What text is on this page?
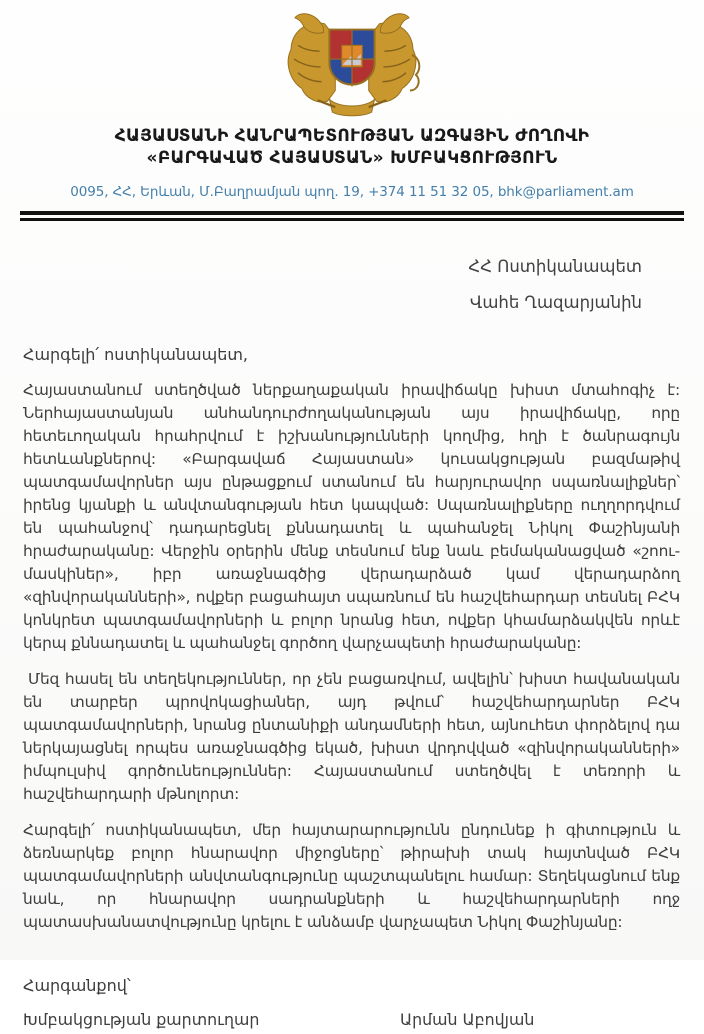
ՀԱՅԱՍՏԱՆԻ ՀԱՆՐԱՊԵՏՈՒԹՅԱՆ ԱԶԳԱՅԻՆ ԺՈՂՈՎԻ
«ԲԱՐԳԱՎԱԾ ՀԱՅԱՍՏԱՆ» ԽՄԲԱԿՑՈՒԹՅՈՒՆ
0095, ՀՀ, Երևան, Մ.Բաղրամյան պող. 19, +374 11 51 32 05, bhk@parliament.am
ՀՀ Ոստիկանապետ
Վահե Ղազարյանին
Հարգելի՛ ոստիկանապետ,

Հայաստանում ստեղծված ներքաղաքական իրավիճակը խիստ մտահոգիչ է: Ներհայաստանյան անհանդուրժողականության այս իրավիճակը, որը հետեւողական հրահրվում է իշխանությունների կողմից, հղի է ծանրագույն հետևանքներով: «Բարգավաճ Հայաստան» կուսակցության բազմաթիվ պատգամավորներ այս ընթացքում ստանում են հարյուրավոր սպառնալիքներ՝ իրենց կյանքի և անվտանգության հետ կապված: Սպառնալիքները ուղղորդվում են պահանջով՝ դադարեցնել քննադատել և պահանջել Նիկոլ Փաշինյանի հրաժարականը: Վերջին օրերին մենք տեսնում ենք նաև բեմականացված «շոու-մասկիներ», իբր առաջնագծից վերադարձած կամ վերադարձող «զինվորականների», ովքեր բացահայտ սպառնում են հաշվեհարդար տեսնել ԲՀԿ կոնկրետ պատգամավորների և բոլոր նրանց հետ, ովքեր կհամարձակվեն որևէ կերպ քննադատել և պահանջել գործող վարչապետի հրաժարականը:

Մեզ հասել են տեղեկություններ, որ չեն բացառվում, ավելին՝ խիստ հավանական են տարբեր պրովոկացիաներ, այդ թվում՝ հաշվեհարդարներ ԲՀԿ պատգամավորների, նրանց ընտանիքի անդամների հետ, այնուհետ փորձելով դա ներկայացնել որպես առաջնագծից եկած, խիստ վրդովված «զինվորականների» իմպուլսիվ գործունեություններ: Հայաստանում ստեղծվել է տեռորի և հաշվեհարդարի մթնոլորտ:

Հարգելի՛ ոստիկանապետ, մեր հայտարարությունն ընդունեք ի գիտություն և ձեռնարկեք բոլոր հնարավոր միջոցները՝ թիրախի տակ հայտնված ԲՀԿ պատգամավորների անվտանգությունը պաշտպանելու համար: Տեղեկացնում ենք նաև, որ հնարավոր սադրանքների և հաշվեհարդարների ողջ պատասխանատվությունը կրելու է անձամբ վարչապետ Նիկոլ Փաշինյանը:

Հարգանքով՝
Խմբակցության քարտուղար	Արման Աբովյան
